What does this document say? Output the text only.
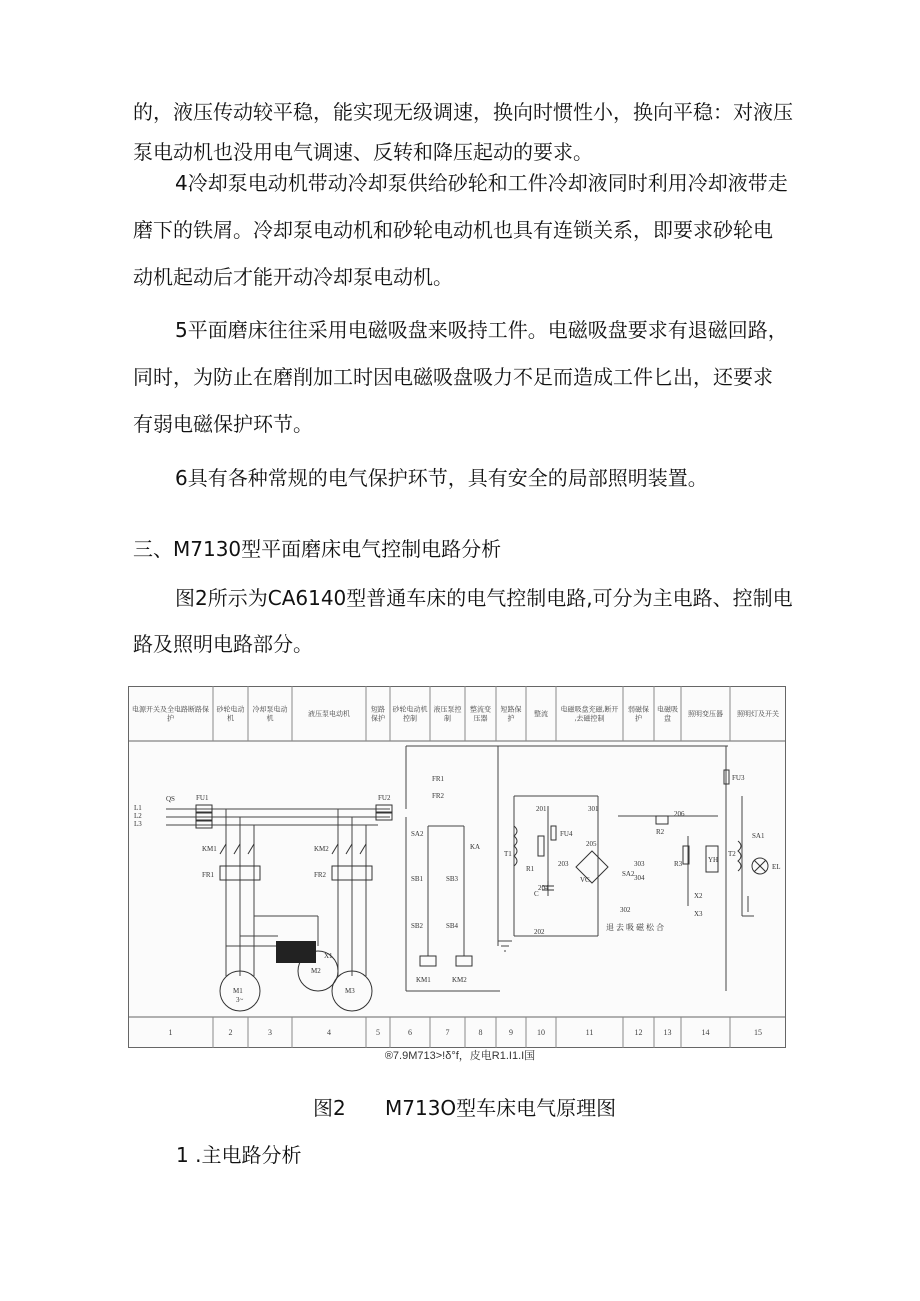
的，液压传动较平稳，能实现无级调速，换向时惯性小，换向平稳：对液压
泵电动机也没用电气调速、反转和降压起动的要求。
4冷却泵电动机带动冷却泵供给砂轮和工件冷却液同时利用冷却液带走
磨下的铁屑。冷却泵电动机和砂轮电动机也具有连锁关系，即要求砂轮电
动机起动后才能开动冷却泵电动机。
5平面磨床往往采用电磁吸盘来吸持工件。电磁吸盘要求有退磁回路，
同时，为防止在磨削加工时因电磁吸盘吸力不足而造成工件匕出，还要求
有弱电磁保护环节。
6具有各种常规的电气保护环节，具有安全的局部照明装置。
三、M7130型平面磨床电气控制电路分析
图2所示为CA6140型普通车床的电气控制电路,可分为主电路、控制电
路及照明电路部分。
电源开关及全电路断路保护
砂轮电动机
冷却泵电动机
液压泵电动机
短路保护
砂轮电动机控制
液压泵控制
整流变压器
短路保护
整流
电磁吸盘充磁,断开,去磁控制
弱磁保护
电磁吸盘
照明变压器 照明灯及开关
1	2	3	4	5	6	7	8	9	10	11	12	13	14	15
QS	FU1	FU2
FU3
FU4
L1
L2
L3
KM1	KM2
FR1	FR2
M1
M2
M3
3~
X1
X2
X3
FR1
FR2
SA2
KA
SB1	SB3
SB2	SB4
KM1	KM2
T1	T2
R1
R2
R3
C
VC
YH
EL
SA1
SA2
201
202
203
204
205
206
301
302
303
304
退 去 吸 磁 松 合
®7.9M713>!δ°f，皮电R1.I1.I国
图2 M713O型车床电气原理图
1 .主电路分析
